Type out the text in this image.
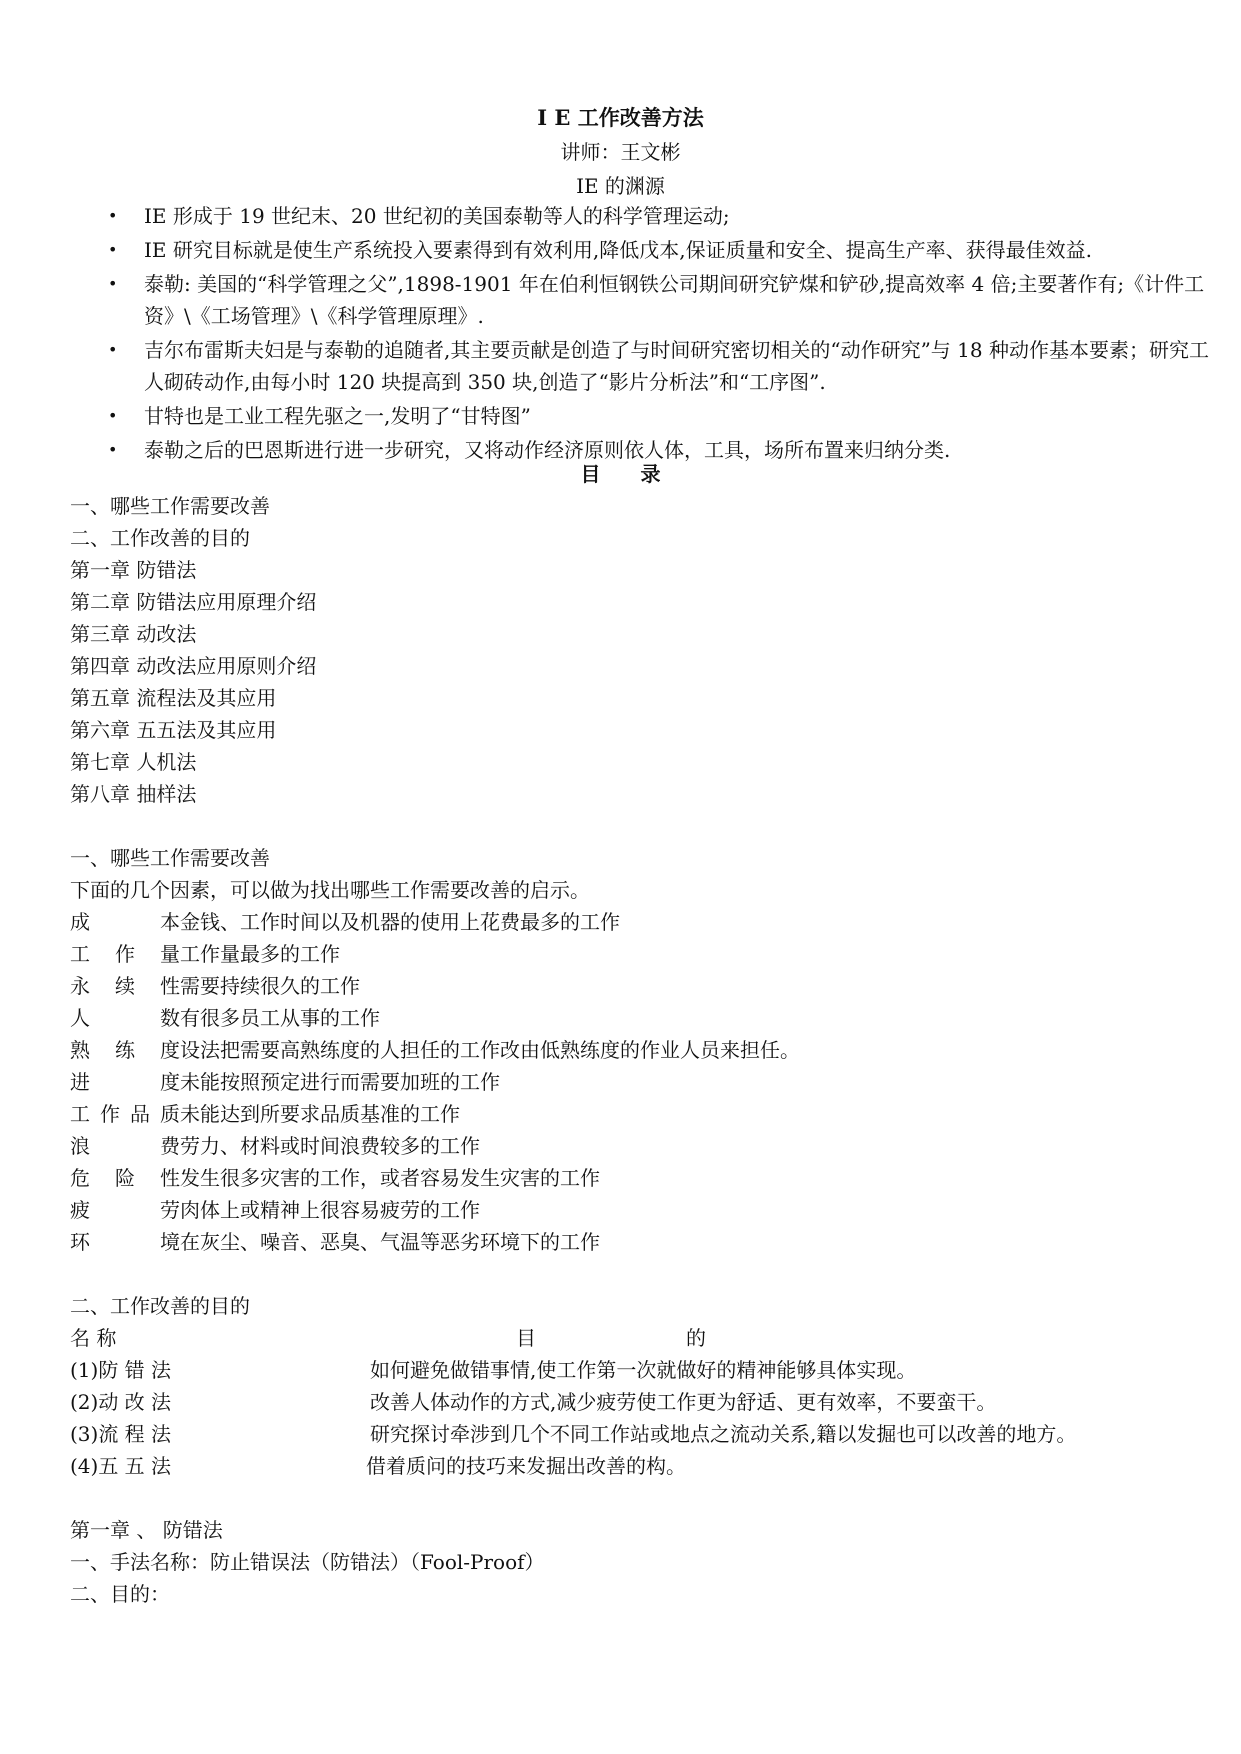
I E 工作改善方法
讲师：王文彬
IE 的渊源
• IE 形成于 19 世纪末、20 世纪初的美国泰勒等人的科学管理运动;
• IE 研究目标就是使生产系统投入要素得到有效利用,降低戊本,保证质量和安全、提高生产率、获得最佳效益.
• 泰勒: 美国的“科学管理之父”,1898-1901 年在伯利恒钢铁公司期间研究铲煤和铲砂,提高效率 4 倍;主要著作有;《计件工资》\《工场管理》\《科学管理原理》.
• 吉尔布雷斯夫妇是与泰勒的追随者,其主要贡献是创造了与时间研究密切相关的“动作研究”与 18 种动作基本要素；研究工人砌砖动作,由每小时 120 块提高到 350 块,创造了“影片分析法”和“工序图”.
• 甘特也是工业工程先驱之一,发明了“甘特图”
• 泰勒之后的巴恩斯进行进一步研究，又将动作经济原则依人体，工具，场所布置来归纳分类.
目录
一、哪些工作需要改善
二、工作改善的目的
第一章 防错法
第二章 防错法应用原理介绍
第三章 动改法
第四章 动改法应用原则介绍
第五章 流程法及其应用
第六章 五五法及其应用
第七章 人机法
第八章 抽样法
一、哪些工作需要改善
下面的几个因素，可以做为找出哪些工作需要改善的启示。
成本 金钱、工作时间以及机器的使用上花费最多的工作
工作量 工作量最多的工作
永续性 需要持续很久的工作
人数 有很多员工从事的工作
熟练度 设法把需要高熟练度的人担任的工作改由低熟练度的作业人员来担任。
进度 未能按照预定进行而需要加班的工作
工作品质 未能达到所要求品质基准的工作
浪费 劳力、材料或时间浪费较多的工作
危险性 发生很多灾害的工作，或者容易发生灾害的工作
疲劳 肉体上或精神上很容易疲劳的工作
环境 在灰尘、噪音、恶臭、气温等恶劣环境下的工作
二、工作改善的目的
名 称	目	的
(1)防 错 法	如何避免做错事情,使工作第一次就做好的精神能够具体实现。
(2)动 改 法	改善人体动作的方式,减少疲劳使工作更为舒适、更有效率，不要蛮干。
(3)流 程 法	研究探讨牵涉到几个不同工作站或地点之流动关系,籍以发掘也可以改善的地方。
(4)五 五 法	借着质问的技巧来发掘出改善的构。
第一章 、 防错法
一、手法名称：防止错误法（防错法）（Fool-Proof）
二、目的：
